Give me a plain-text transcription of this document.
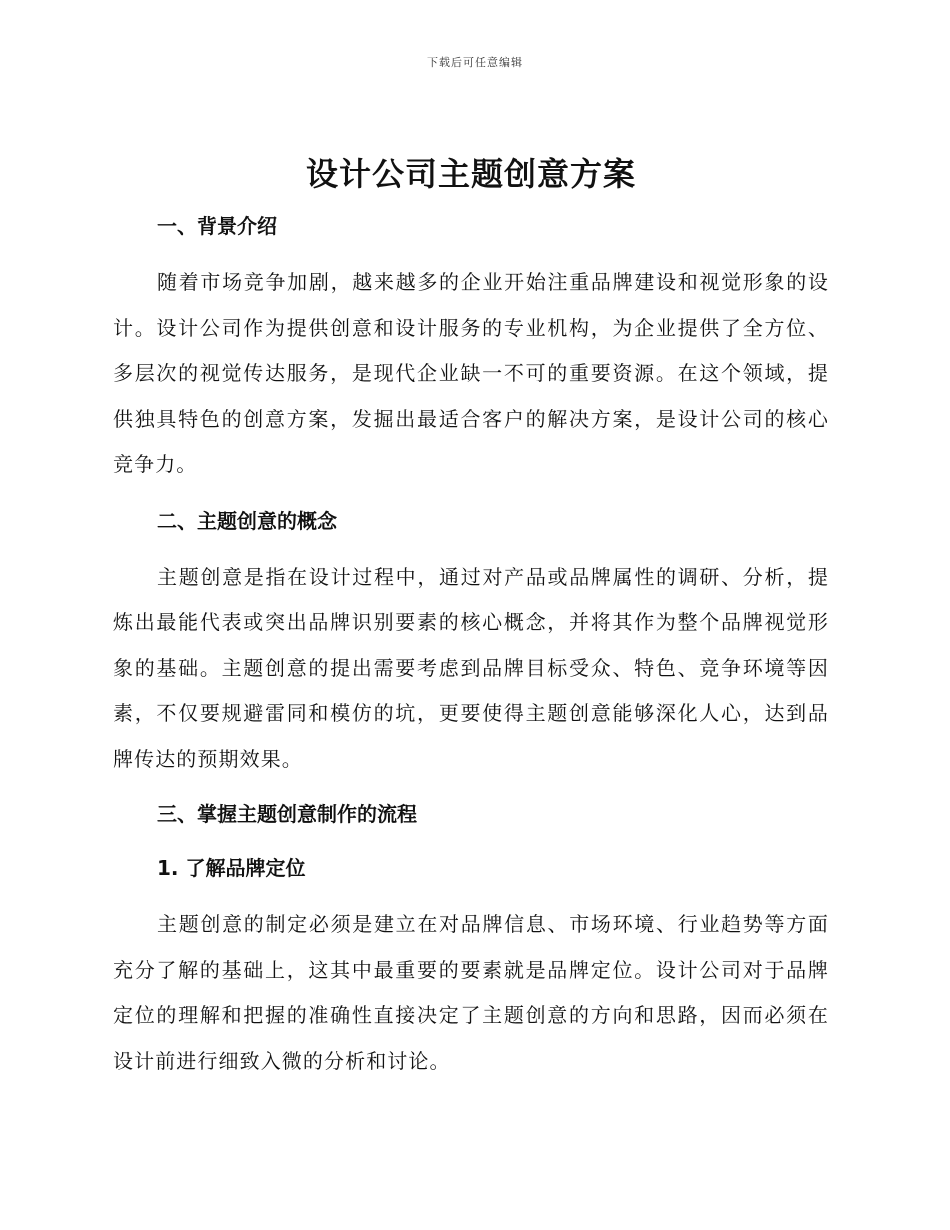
下载后可任意编辑
设计公司主题创意方案
一、背景介绍

随着市场竞争加剧，越来越多的企业开始注重品牌建设和视觉形象的设计。设计公司作为提供创意和设计服务的专业机构，为企业提供了全方位、多层次的视觉传达服务，是现代企业缺一不可的重要资源。在这个领域，提供独具特色的创意方案，发掘出最适合客户的解决方案，是设计公司的核心竞争力。

二、主题创意的概念

主题创意是指在设计过程中，通过对产品或品牌属性的调研、分析，提炼出最能代表或突出品牌识别要素的核心概念，并将其作为整个品牌视觉形象的基础。主题创意的提出需要考虑到品牌目标受众、特色、竞争环境等因素，不仅要规避雷同和模仿的坑，更要使得主题创意能够深化人心，达到品牌传达的预期效果。

三、掌握主题创意制作的流程
1. 了解品牌定位

主题创意的制定必须是建立在对品牌信息、市场环境、行业趋势等方面充分了解的基础上，这其中最重要的要素就是品牌定位。设计公司对于品牌定位的理解和把握的准确性直接决定了主题创意的方向和思路，因而必须在设计前进行细致入微的分析和讨论。
